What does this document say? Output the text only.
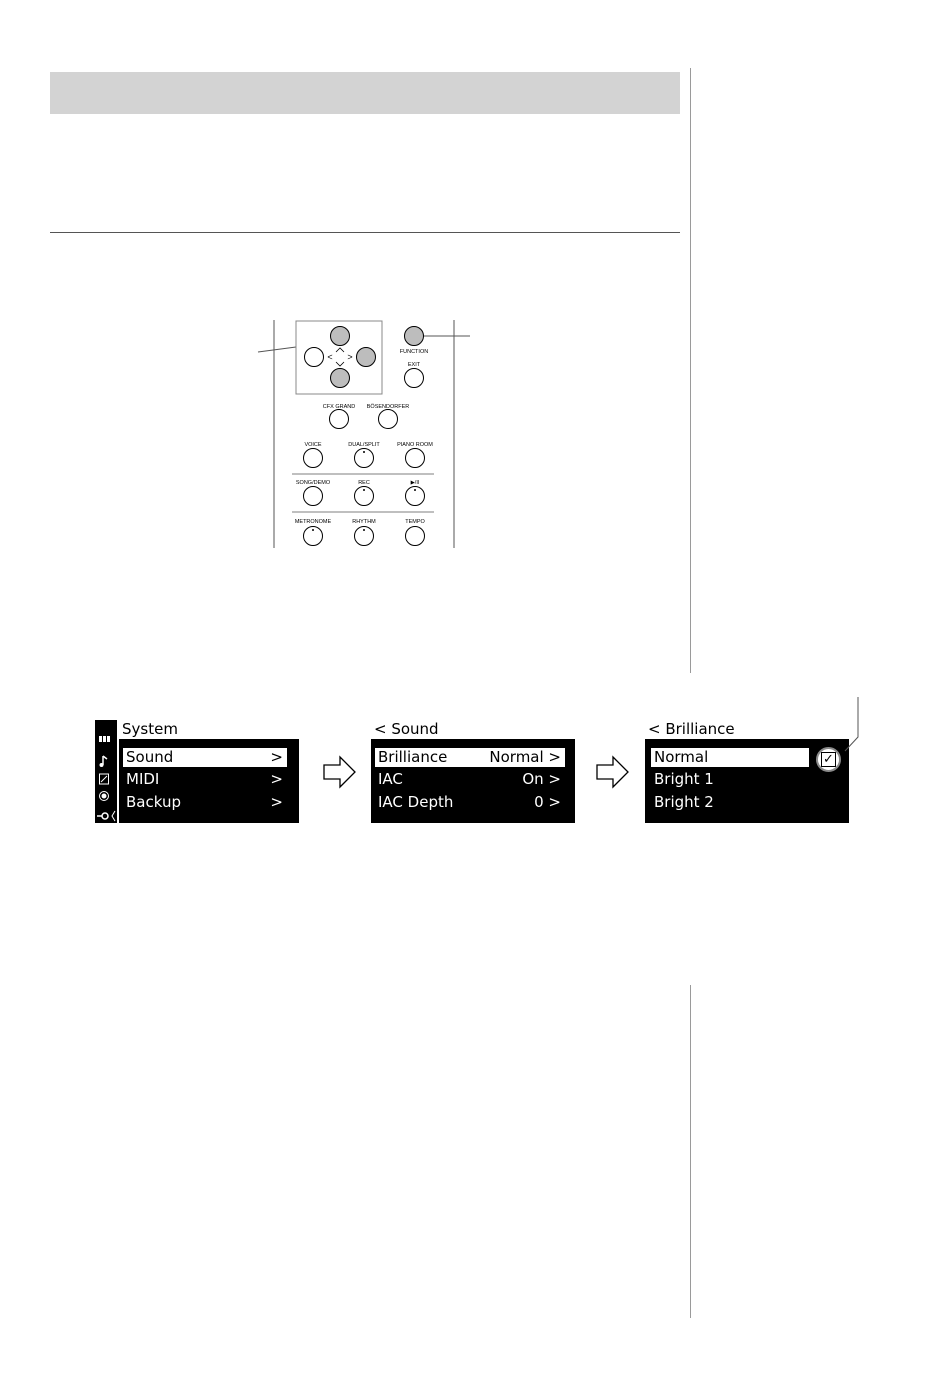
< >	FUNCTION
EXIT
CFX GRAND BÖSENDORFER
VOICE	DUAL/SPLIT	PIANO ROOM
SONG/DEMO	REC	▶/II
METRONOME	RHYTHM	TEMPO
System
Sound	>
MIDI	>
Backup	>
< Sound
Brilliance	Normal >
IAC	On >
IAC Depth	0 >
< Brilliance
Normal	✓
Bright 1
Bright 2
